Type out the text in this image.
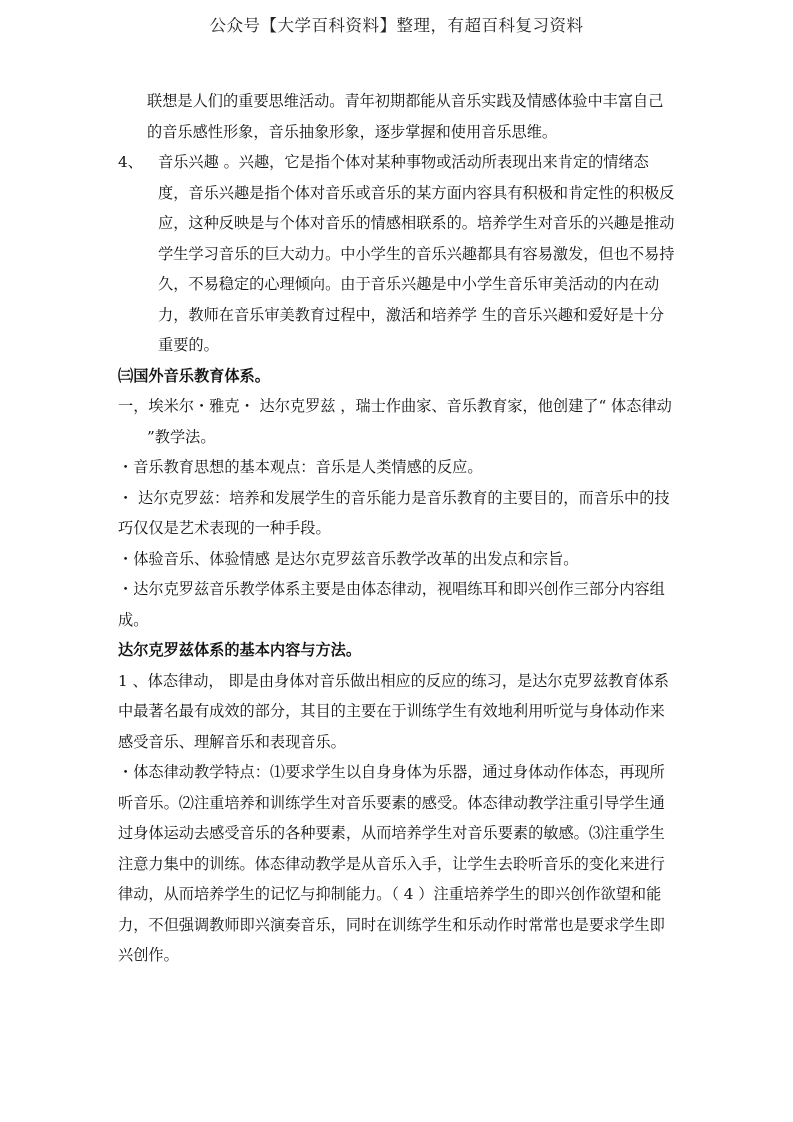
公众号【大学百科资料】整理，有超百科复习资料

联想是人们的重要思维活动。青年初期都能从音乐实践及情感体验中丰富自己的音乐感性形象，音乐抽象形象，逐步掌握和使用音乐思维。

4、 音乐兴趣 。兴趣，它是指个体对某种事物或活动所表现出来肯定的情绪态度，音乐兴趣是指个体对音乐或音乐的某方面内容具有积极和肯定性的积极反应，这种反映是与个体对音乐的情感相联系的。培养学生对音乐的兴趣是推动学生学习音乐的巨大动力。中小学生的音乐兴趣都具有容易激发，但也不易持久，不易稳定的心理倾向。由于音乐兴趣是中小学生音乐审美活动的内在动力，教师在音乐审美教育过程中，激活和培养学 生的音乐兴趣和爱好是十分重要的。

㈢国外音乐教育体系。

一，埃米尔・雅克・ 达尔克罗兹 ，瑞士作曲家、音乐教育家，他创建了“ 体态律动 ”教学法。

・音乐教育思想的基本观点：音乐是人类情感的反应。

・ 达尔克罗兹：培养和发展学生的音乐能力是音乐教育的主要目的，而音乐中的技巧仅仅是艺术表现的一种手段。

・体验音乐、体验情感 是达尔克罗兹音乐教学改革的出发点和宗旨。

・达尔克罗兹音乐教学体系主要是由体态律动，视唱练耳和即兴创作三部分内容组成。

达尔克罗兹体系的基本内容与方法。

1 、体态律动， 即是由身体对音乐做出相应的反应的练习，是达尔克罗兹教育体系中最著名最有成效的部分，其目的主要在于训练学生有效地利用听觉与身体动作来感受音乐、理解音乐和表现音乐。

・体态律动教学特点：⑴要求学生以自身身体为乐器，通过身体动作体态，再现所听音乐。⑵注重培养和训练学生对音乐要素的感受。体态律动教学注重引导学生通过身体运动去感受音乐的各种要素，从而培养学生对音乐要素的敏感。⑶注重学生注意力集中的训练。体态律动教学是从音乐入手，让学生去聆听音乐的变化来进行律动，从而培养学生的记忆与抑制能力。（ 4 ）注重培养学生的即兴创作欲望和能力，不但强调教师即兴演奏音乐，同时在训练学生和乐动作时常常也是要求学生即兴创作。
